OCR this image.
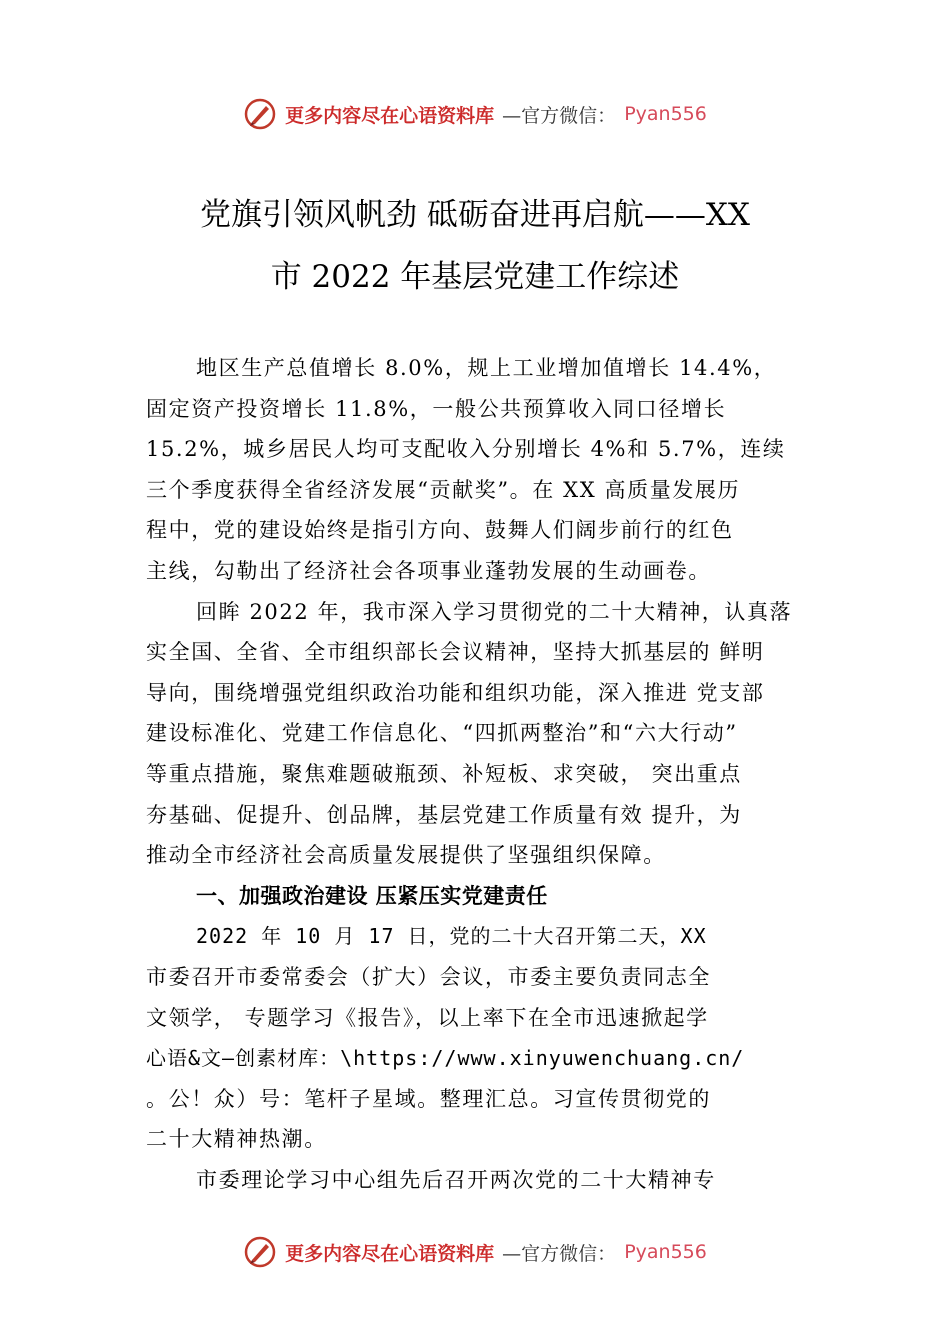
更多内容尽在心语资料库 —官方微信： Pyan556
党旗引领风帆劲 砥砺奋进再启航——XX
市 2022 年基层党建工作综述
地区生产总值增长 8.0%，规上工业增加值增长 14.4%，
固定资产投资增长 11.8%，一般公共预算收入同口径增长
15.2%，城乡居民人均可支配收入分别增长 4%和 5.7%，连续
三个季度获得全省经济发展“贡献奖”。在 XX 高质量发展历
程中，党的建设始终是指引方向、鼓舞人们阔步前行的红色
主线，勾勒出了经济社会各项事业蓬勃发展的生动画卷。
回眸 2022 年，我市深入学习贯彻党的二十大精神，认真落
实全国、全省、全市组织部长会议精神，坚持大抓基层的 鲜明
导向，围绕增强党组织政治功能和组织功能，深入推进 党支部
建设标准化、党建工作信息化、“四抓两整治”和“六大行动”
等重点措施，聚焦难题破瓶颈、补短板、求突破， 突出重点
夯基础、促提升、创品牌，基层党建工作质量有效 提升，为
推动全市经济社会高质量发展提供了坚强组织保障。
一、加强政治建设 压紧压实党建责任
2022 年 10 月 17 日，党的二十大召开第二天，XX
市委召开市委常委会（扩大）会议，市委主要负责同志全
文领学， 专题学习《报告》，以上率下在全市迅速掀起学
心语&文—创素材库：\https://www.xinyuwenchuang.cn/
。公！众）号：笔杆子星域。整理汇总。习宣传贯彻党的
二十大精神热潮。
市委理论学习中心组先后召开两次党的二十大精神专
更多内容尽在心语资料库 —官方微信： Pyan556
